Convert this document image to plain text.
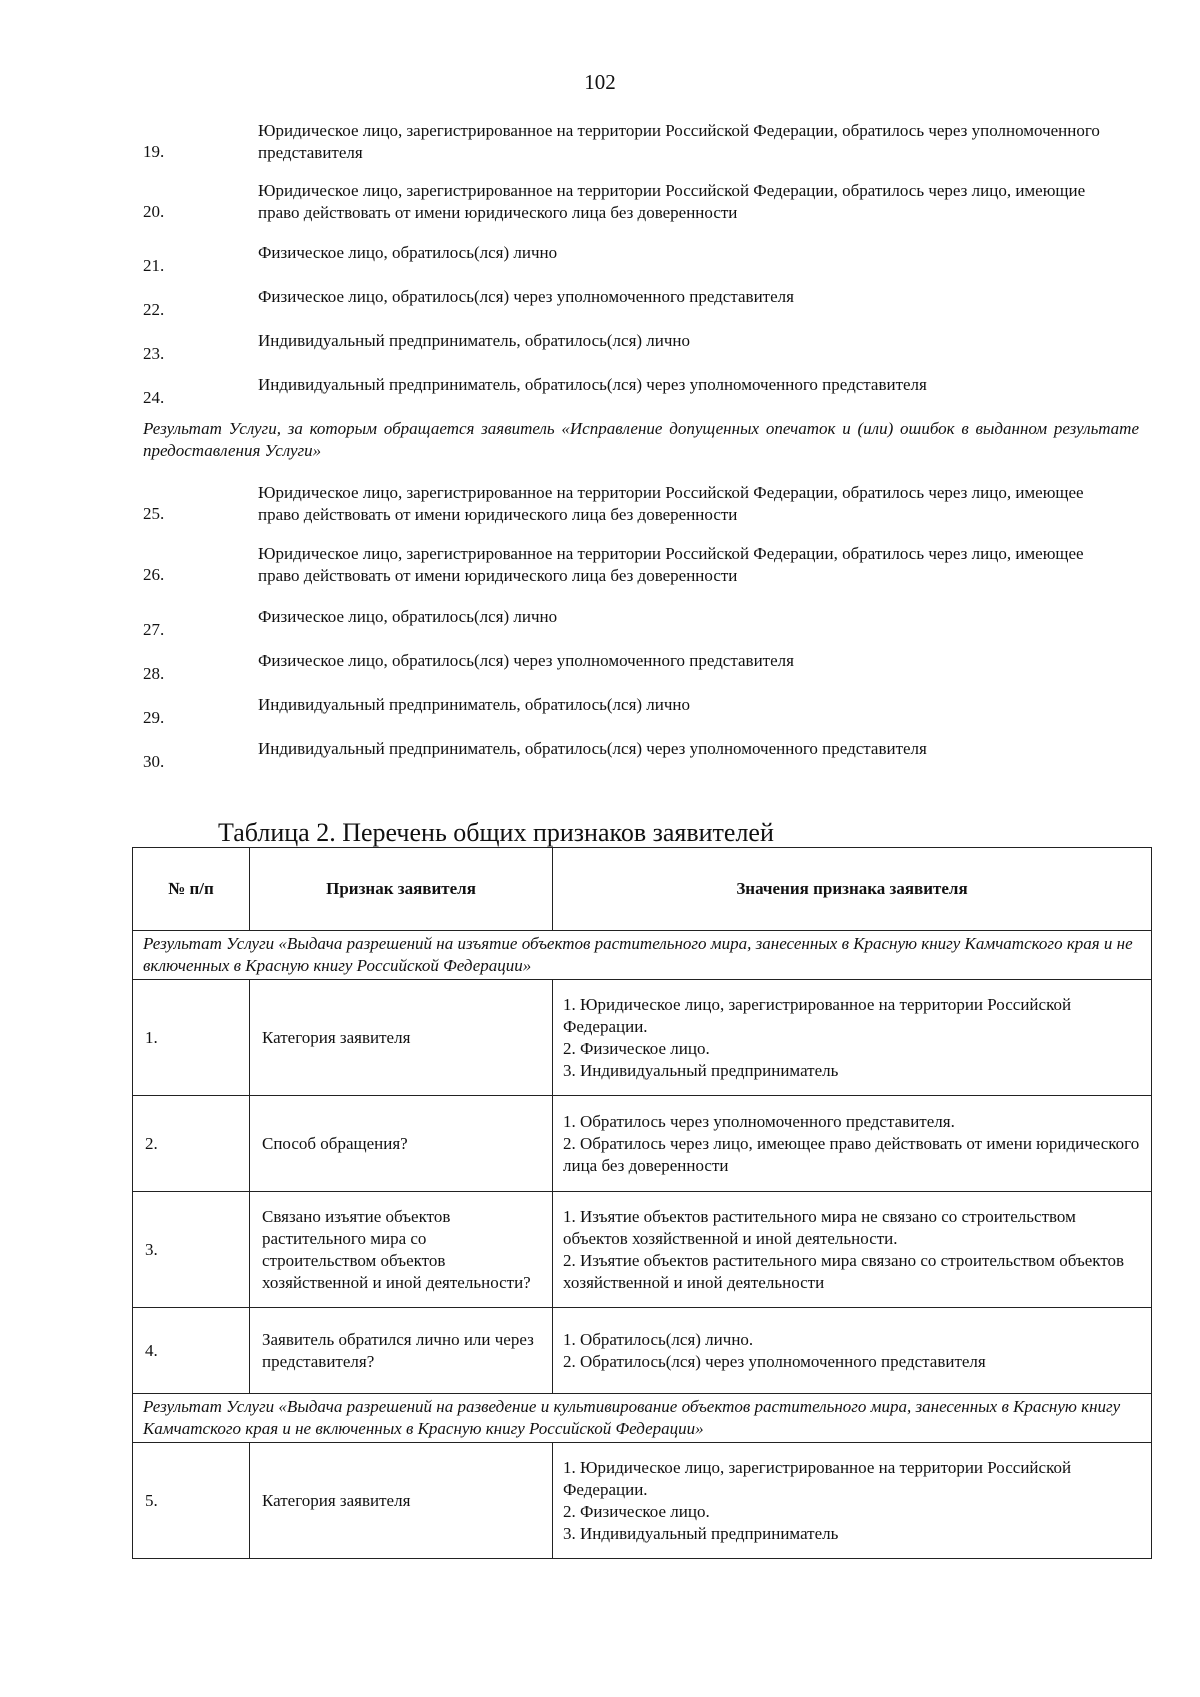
102
19.
Юридическое лицо, зарегистрированное на территории Российской Федерации, обратилось через уполномоченного представителя
20.
Юридическое лицо, зарегистрированное на территории Российской Федерации, обратилось через лицо, имеющие право действовать от имени юридического лица без доверенности
21.
Физическое лицо, обратилось(лся) лично
22.
Физическое лицо, обратилось(лся) через уполномоченного представителя
23.
Индивидуальный предприниматель, обратилось(лся) лично
24.
Индивидуальный предприниматель, обратилось(лся) через уполномоченного представителя
Результат Услуги, за которым обращается заявитель «Исправление допущенных опечаток и (или) ошибок в выданном результате предоставления Услуги»
25.
Юридическое лицо, зарегистрированное на территории Российской Федерации, обратилось через лицо, имеющее право действовать от имени юридического лица без доверенности
26.
Юридическое лицо, зарегистрированное на территории Российской Федерации, обратилось через лицо, имеющее право действовать от имени юридического лица без доверенности
27.
Физическое лицо, обратилось(лся) лично
28.
Физическое лицо, обратилось(лся) через уполномоченного представителя
29.
Индивидуальный предприниматель, обратилось(лся) лично
30.
Индивидуальный предприниматель, обратилось(лся) через уполномоченного представителя
Таблица 2. Перечень общих признаков заявителей
№ п/п	Признак заявителя	Значения признака заявителя
Результат Услуги «Выдача разрешений на изъятие объектов растительного мира, занесенных в Красную книгу Камчатского края и не включенных в Красную книгу Российской Федерации»		
1.	Категория заявителя	1. Юридическое лицо, зарегистрированное на территории Российской Федерации.
2. Физическое лицо.
3. Индивидуальный предприниматель

2.	Способ обращения?	1. Обратилось через уполномоченного представителя.
2. Обратилось через лицо, имеющее право действовать от имени юридического лица без доверенности

3.	Связано изъятие объектов растительного мира со строительством объектов хозяйственной и иной деятельности?	1. Изъятие объектов растительного мира не связано со строительством объектов хозяйственной и иной деятельности.
2. Изъятие объектов растительного мира связано со строительством объектов хозяйственной и иной деятельности

4.	Заявитель обратился лично или через представителя?	1. Обратилось(лся) лично.
2. Обратилось(лся) через уполномоченного представителя

Результат Услуги «Выдача разрешений на разведение и культивирование объектов растительного мира, занесенных в Красную книгу Камчатского края и не включенных в Красную книгу Российской Федерации»		
5.	Категория заявителя	1. Юридическое лицо, зарегистрированное на территории Российской Федерации.
2. Физическое лицо.
3. Индивидуальный предприниматель
